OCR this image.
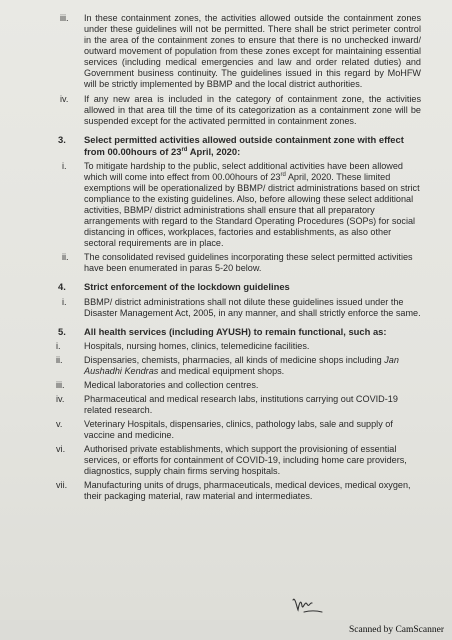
iii. In these containment zones, the activities allowed outside the containment zones under these guidelines will not be permitted. There shall be strict perimeter control in the area of the containment zones to ensure that there is no unchecked inward/ outward movement of population from these zones except for maintaining essential services (including medical emergencies and law and order related duties) and Government business continuity. The guidelines issued in this regard by MoHFW will be strictly implemented by BBMP and the local district authorities.
iv. If any new area is included in the category of containment zone, the activities allowed in that area till the time of its categorization as a containment zone will be suspended except for the activated permitted in containment zones.
3. Select permitted activities allowed outside containment zone with effect from 00.00hours of 23rd April, 2020:
i. To mitigate hardship to the public, select additional activities have been allowed which will come into effect from 00.00hours of 23rd April, 2020. These limited exemptions will be operationalized by BBMP/ district administrations based on strict compliance to the existing guidelines. Also, before allowing these select additional activities, BBMP/ district administrations shall ensure that all preparatory arrangements with regard to the Standard Operating Procedures (SOPs) for social distancing in offices, workplaces, factories and establishments, as also other sectoral requirements are in place.
ii. The consolidated revised guidelines incorporating these select permitted activities have been enumerated in paras 5-20 below.
4. Strict enforcement of the lockdown guidelines
i. BBMP/ district administrations shall not dilute these guidelines issued under the Disaster Management Act, 2005, in any manner, and shall strictly enforce the same.
5. All health services (including AYUSH) to remain functional, such as:
i.	Hospitals, nursing homes, clinics, telemedicine facilities.
ii. Dispensaries, chemists, pharmacies, all kinds of medicine shops including Jan Aushadhi Kendras and medical equipment shops.
iii. Medical laboratories and collection centres.
iv. Pharmaceutical and medical research labs, institutions carrying out COVID-19 related research.
v. Veterinary Hospitals, dispensaries, clinics, pathology labs, sale and supply of vaccine and medicine.
vi. Authorised private establishments, which support the provisioning of essential services, or efforts for containment of COVID-19, including home care providers, diagnostics, supply chain firms serving hospitals.
vii. Manufacturing units of drugs, pharmaceuticals, medical devices, medical oxygen, their packaging material, raw material and intermediates.
Scanned by CamScanner
